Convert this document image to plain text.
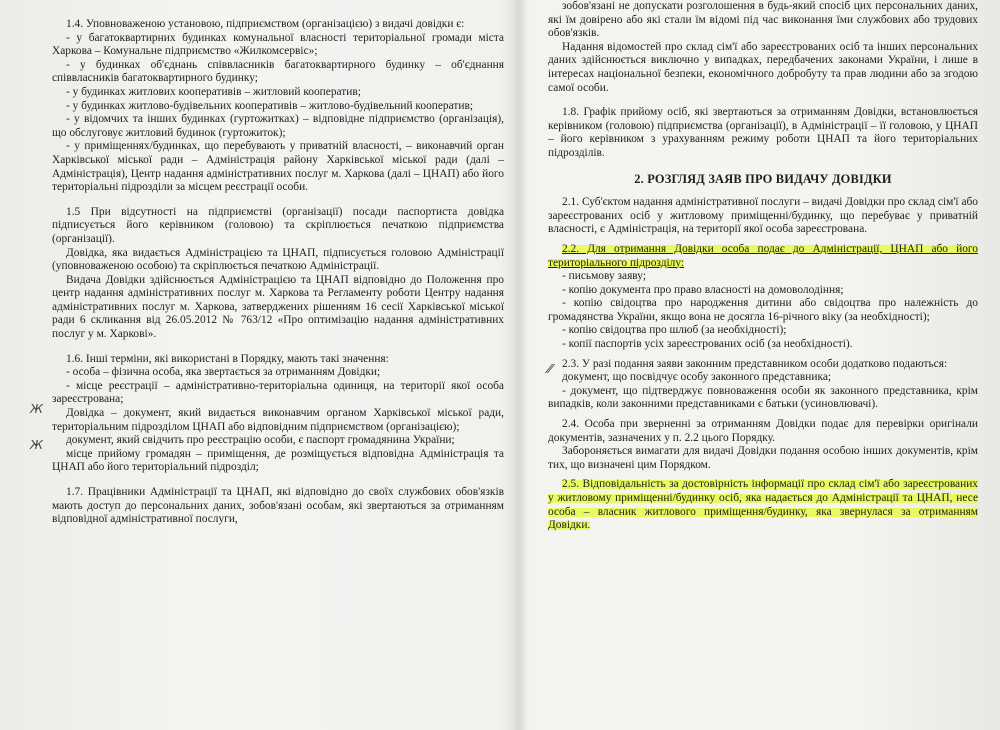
1.4. Уповноваженою установою, підприємством (організацією) з видачі довідки є:

- у багатоквартирних будинках комунальної власності територіальної громади міста Харкова – Комунальне підприємство «Жилкомсервіс»;

- у будинках об'єднань співвласників багатоквартирного будинку – об'єднання співвласників багатоквартирного будинку;

- у будинках житлових кооперативів – житловий кооператив;

- у будинках житлово-будівельних кооперативів – житлово-будівельний кооператив;

- у відомчих та інших будинках (гуртожитках) – відповідне підприємство (організація), що обслуговує житловий будинок (гуртожиток);

- у приміщеннях/будинках, що перебувають у приватній власності, – виконавчий орган Харківської міської ради – Адміністрація району Харківської міської ради (далі – Адміністрація), Центр надання адміністративних послуг м. Харкова (далі – ЦНАП) або його територіальні підрозділи за місцем реєстрації особи.

1.5 При відсутності на підприємстві (організації) посади паспортиста довідка підписується його керівником (головою) та скріплюється печаткою підприємства (організації).

Довідка, яка видається Адміністрацією та ЦНАП, підписується головою Адміністрації (уповноваженою особою) та скріплюється печаткою Адміністрації.

Видача Довідки здійснюється Адміністрацією та ЦНАП відповідно до Положення про центр надання адміністративних послуг м. Харкова та Регламенту роботи Центру надання адміністративних послуг м. Харкова, затверджених рішенням 16 сесії Харківської міської ради 6 скликання від 26.05.2012 № 763/12 «Про оптимізацію надання адміністративних послуг у м. Харкові».

1.6. Інші терміни, які використані в Порядку, мають такі значення:

- особа – фізична особа, яка звертається за отриманням Довідки;

- місце реєстрації – адміністративно-територіальна одиниця, на території якої особа зареєстрована;

Довідка – документ, який видається виконавчим органом Харківської міської ради, територіальним підрозділом ЦНАП або відповідним підприємством (організацією);

документ, який свідчить про реєстрацію особи, є паспорт громадянина України;

місце прийому громадян – приміщення, де розміщується відповідна Адміністрація та ЦНАП або його територіальний підрозділ;

1.7. Працівники Адміністрації та ЦНАП, які відповідно до своїх службових обов'язків мають доступ до персональних даних, зобов'язані особам, які звертаються за отриманням відповідної адміністративної послуги,

Ж
Ж

зобов'язані не допускати розголошення в будь-який спосіб цих персональних даних, які їм довірено або які стали їм відомі під час виконання їми службових або трудових обов'язків.

Надання відомостей про склад сім'ї або зареєстрованих осіб та інших персональних даних здійснюється виключно у випадках, передбачених законами України, і лише в інтересах національної безпеки, економічного добробуту та прав людини або за згодою самої особи.

1.8. Графік прийому осіб, які звертаються за отриманням Довідки, встановлюється керівником (головою) підприємства (організації), в Адміністрації – її головою, у ЦНАП – його керівником з урахуванням режиму роботи ЦНАП та його територіальних підрозділів.

2. РОЗГЛЯД ЗАЯВ ПРО ВИДАЧУ ДОВІДКИ

2.1. Суб'єктом надання адміністративної послуги – видачі Довідки про склад сім'ї або зареєстрованих осіб у житловому приміщенні/будинку, що перебуває у приватній власності, є Адміністрація, на території якої особа зареєстрована.

2.2. Для отримання Довідки особа подає до Адміністрації, ЦНАП або його територіального підрозділу:

- письмову заяву;

- копію документа про право власності на домоволодіння;

- копію свідоцтва про народження дитини або свідоцтва про належність до громадянства України, якщо вона не досягла 16-річного віку (за необхідності);

- копію свідоцтва про шлюб (за необхідності);

- копії паспортів усіх зареєстрованих осіб (за необхідності).

2.3. У разі подання заяви законним представником особи додатково подаються:

документ, що посвідчує особу законного представника;

- документ, що підтверджує повноваження особи як законного представника, крім випадків, коли законними представниками є батьки (усиновлювачі).

2.4. Особа при зверненні за отриманням Довідки подає для перевірки оригінали документів, зазначених у п. 2.2 цього Порядку.

Забороняється вимагати для видачі Довідки подання особою інших документів, крім тих, що визначені цим Порядком.

2.5. Відповідальність за достовірність інформації про склад сім'ї або зареєстрованих у житловому приміщенні/будинку осіб, яка надається до Адміністрації та ЦНАП, несе особа – власник житлового приміщення/будинку, яка звернулася за отриманням Довідки.

⁄⁄
